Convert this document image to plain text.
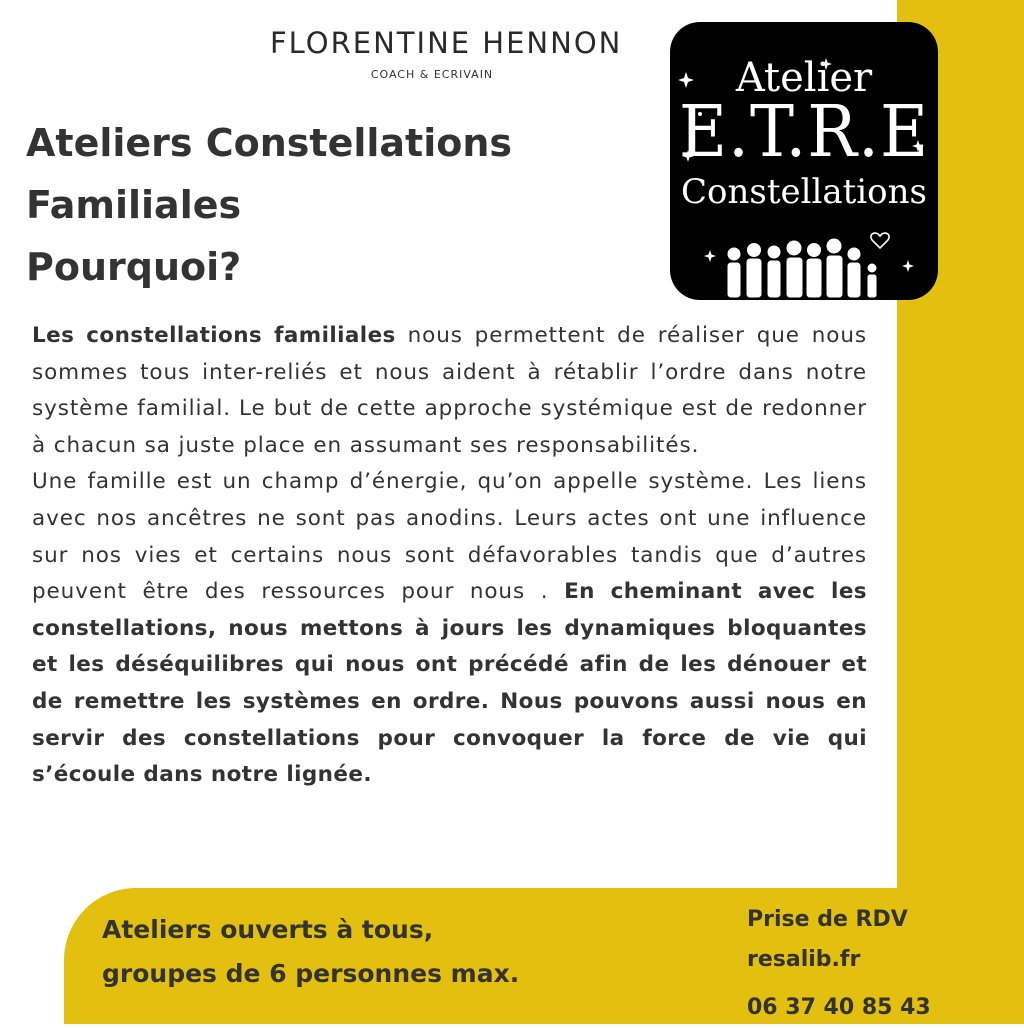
FLORENTINE HENNON
COACH & ECRIVAIN
Ateliers Constellations
Familiales
Pourquoi?
Atelier
E.T.R.E
Constellations

Les constellations familiales nous permettent de réaliser que nous sommes tous inter-reliés et nous aident à rétablir l’ordre dans notre système familial. Le but de cette approche systémique est de redonner à chacun sa juste place en assumant ses responsabilités.
Une famille est un champ d’énergie, qu’on appelle système. Les liens avec nos ancêtres ne sont pas anodins. Leurs actes ont une influence sur nos vies et certains nous sont défavorables tandis que d’autres peuvent être des ressources pour nous . En cheminant avec les constellations, nous mettons à jours les dynamiques bloquantes et les déséquilibres qui nous ont précédé afin de les dénouer et de remettre les systèmes en ordre. Nous pouvons aussi nous en servir des constellations pour convoquer la force de vie qui s’écoule dans notre lignée.

Ateliers ouverts à tous,
groupes de 6 personnes max.
Prise de RDV
resalib.fr
06 37 40 85 43
